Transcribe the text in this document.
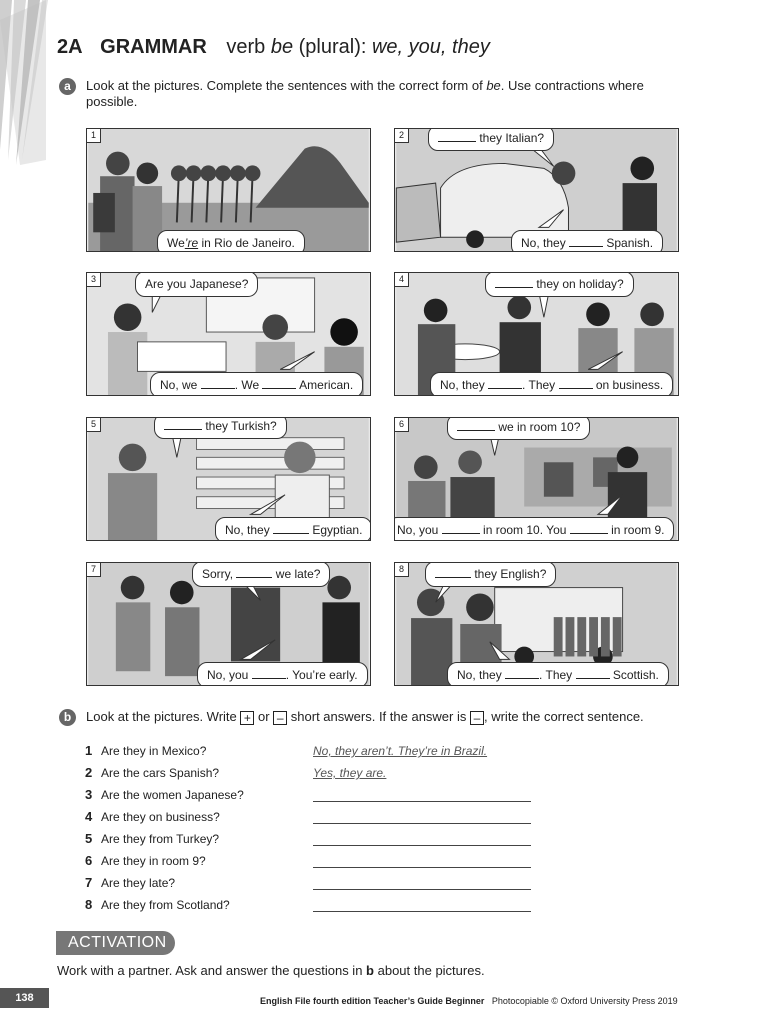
2A GRAMMAR verb be (plural): we, you, they
a	Look at the pictures. Complete the sentences with the correct form of be. Use contractions where possible.
1
We’re in Rio de Janeiro.
2	they Italian?
No, they	Spanish.
3	Are you Japanese?
No, we	. We	American.
4	they on holiday?
No, they	. They	on business.
5	they Turkish?
No, they	Egyptian.
6	we in room 10?
No, you	in room 10. You	in room 9.
7	Sorry,	we late?
No, you	. You’re early.
8	they English?
No, they	. They	Scottish.
b	Look at the pictures. Write + or – short answers. If the answer is – , write the correct sentence.
1 Are they in Mexico?	No, they aren’t. They’re in Brazil.
2 Are the cars Spanish?	Yes, they are.
3 Are the women Japanese?
4 Are they on business?
5 Are they from Turkey?
6 Are they in room 9?
7 Are they late?
8 Are they from Scotland?
ACTIVATION
Work with a partner. Ask and answer the questions in b about the pictures.
138	English File fourth edition Teacher’s Guide Beginner Photocopiable © Oxford University Press 2019
